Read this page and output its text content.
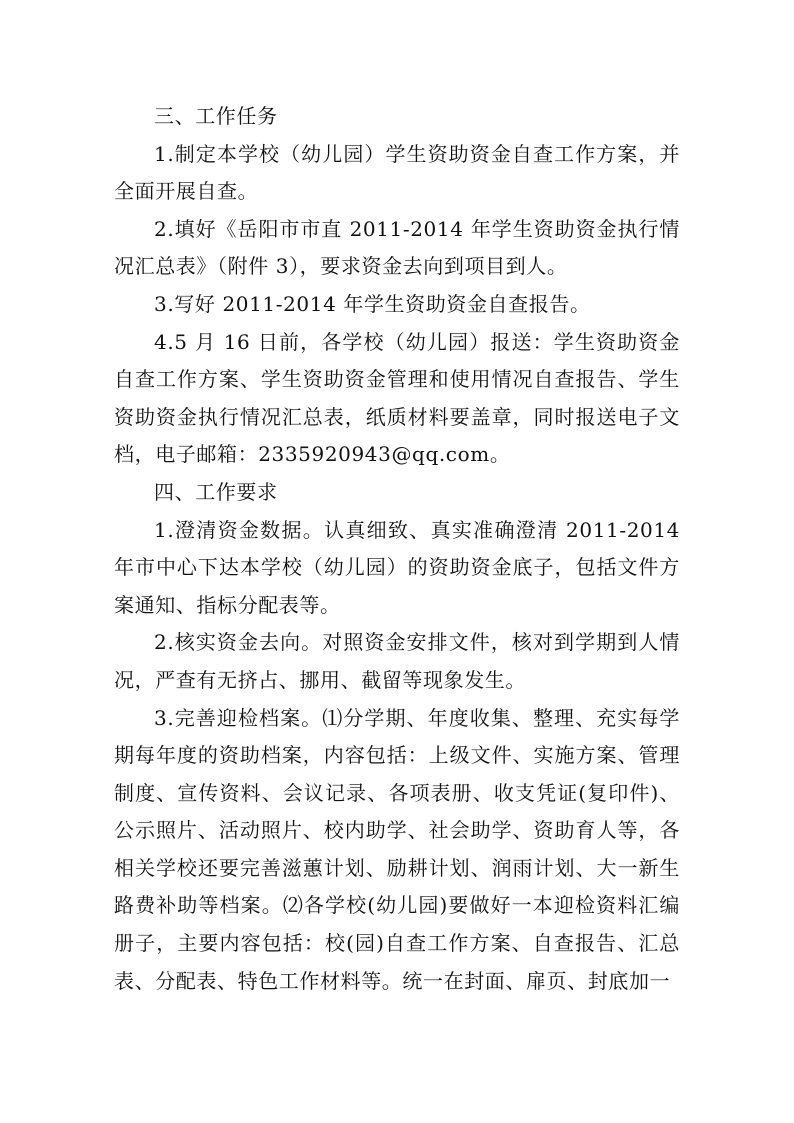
三、工作任务

1.制定本学校（幼儿园）学生资助资金自查工作方案，并全面开展自查。

2.填好《岳阳市市直 2011-2014 年学生资助资金执行情况汇总表》（附件 3），要求资金去向到项目到人。

3.写好 2011-2014 年学生资助资金自查报告。

4.5 月 16 日前，各学校（幼儿园）报送：学生资助资金自查工作方案、学生资助资金管理和使用情况自查报告、学生资助资金执行情况汇总表，纸质材料要盖章，同时报送电子文档，电子邮箱：2335920943@qq.com。

四、工作要求

1.澄清资金数据。认真细致、真实准确澄清 2011-2014 年市中心下达本学校（幼儿园）的资助资金底子，包括文件方案通知、指标分配表等。

2.核实资金去向。对照资金安排文件，核对到学期到人情况，严查有无挤占、挪用、截留等现象发生。

3.完善迎检档案。⑴分学期、年度收集、整理、充实每学期每年度的资助档案，内容包括：上级文件、实施方案、管理制度、宣传资料、会议记录、各项表册、收支凭证(复印件)、公示照片、活动照片、校内助学、社会助学、资助育人等，各相关学校还要完善滋蕙计划、励耕计划、润雨计划、大一新生路费补助等档案。⑵各学校(幼儿园)要做好一本迎检资料汇编册子，主要内容包括：校(园)自查工作方案、自查报告、汇总表、分配表、特色工作材料等。统一在封面、扉页、封底加一
